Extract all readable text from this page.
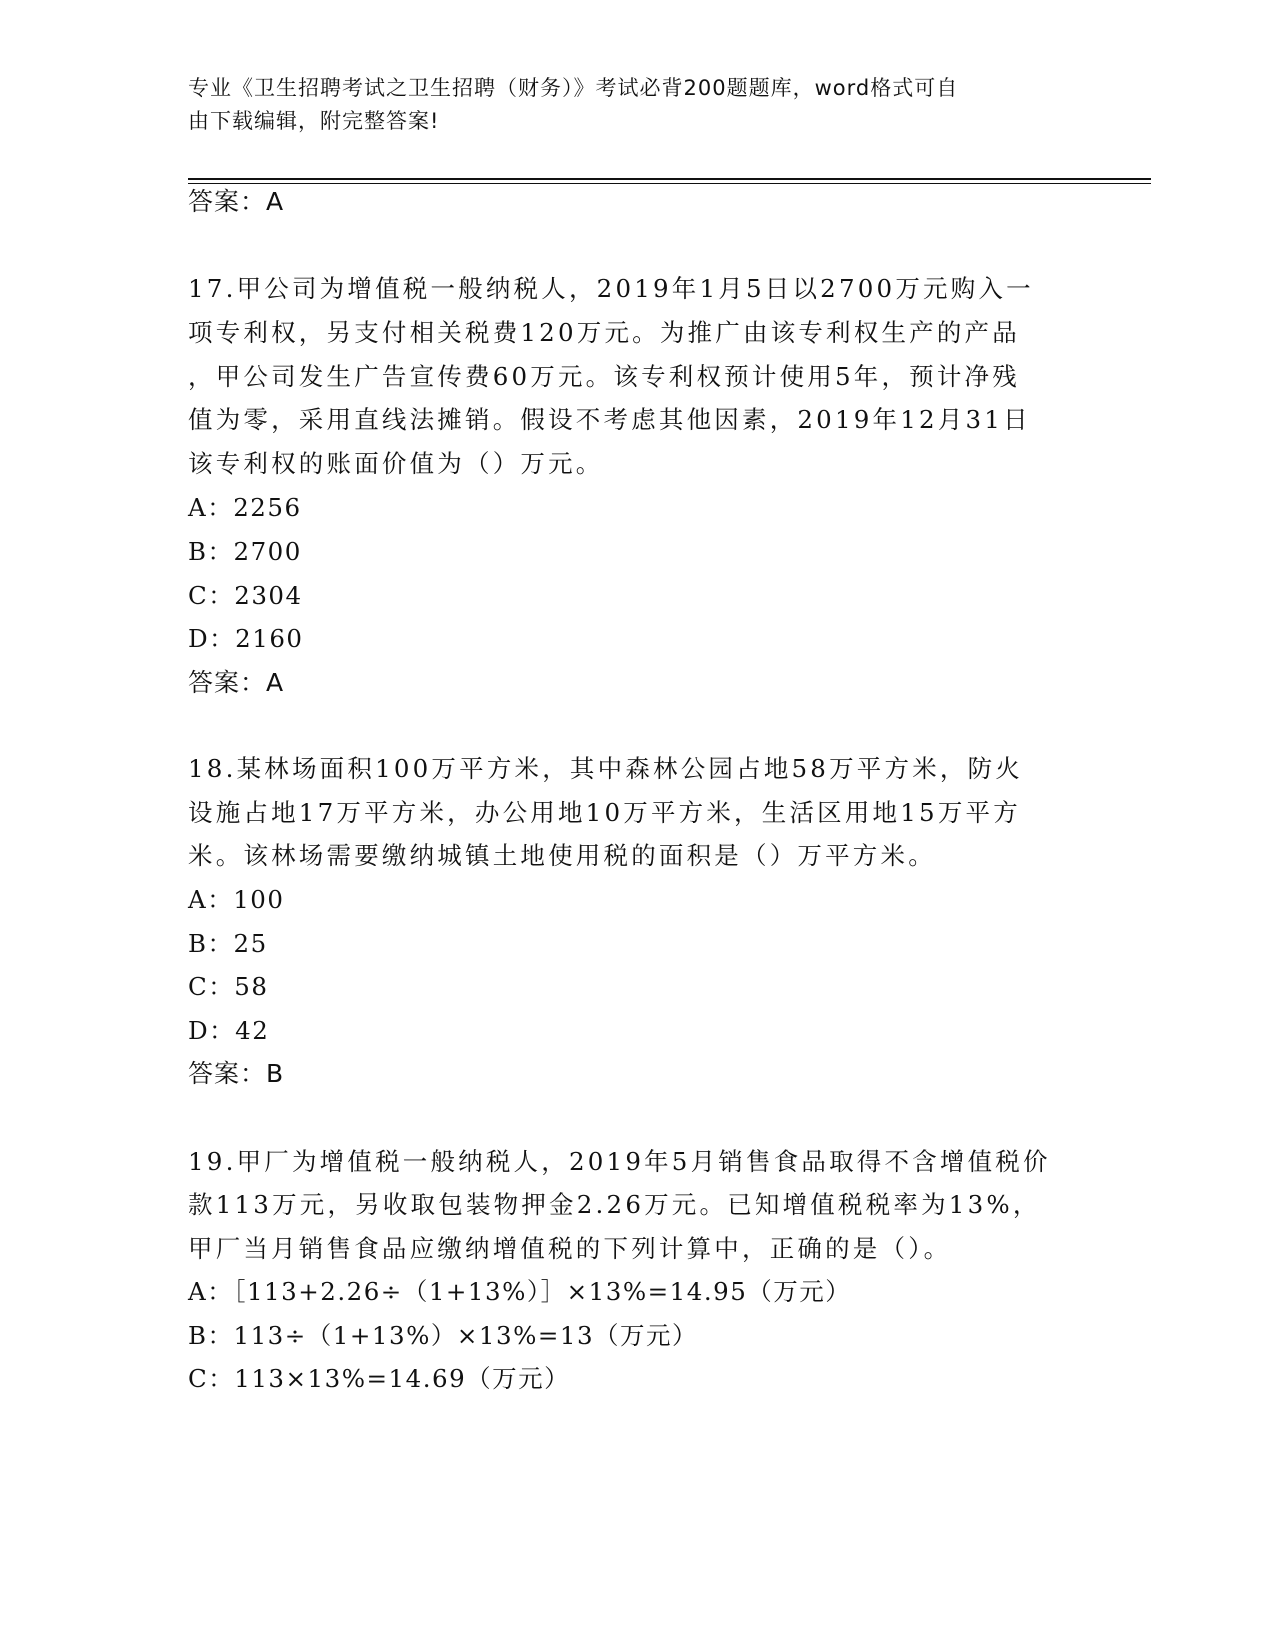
专业《卫生招聘考试之卫生招聘（财务）》考试必背200题题库，word格式可自
由下载编辑，附完整答案!
答案：A
17.甲公司为增值税一般纳税人，2019年1月5日以2700万元购入一
项专利权，另支付相关税费120万元。为推广由该专利权生产的产品
，甲公司发生广告宣传费60万元。该专利权预计使用5年，预计净残
值为零，采用直线法摊销。假设不考虑其他因素，2019年12月31日
该专利权的账面价值为（）万元。
A：2256
B：2700
C：2304
D：2160
答案：A
18.某林场面积100万平方米，其中森林公园占地58万平方米，防火
设施占地17万平方米，办公用地10万平方米，生活区用地15万平方
米。该林场需要缴纳城镇土地使用税的面积是（）万平方米。
A：100
B：25
C：58
D：42
答案：B
19.甲厂为增值税一般纳税人，2019年5月销售食品取得不含增值税价
款113万元，另收取包装物押金2.26万元。已知增值税税率为13%，
甲厂当月销售食品应缴纳增值税的下列计算中，正确的是（）。
A：［113+2.26÷（1+13%）］×13%=14.95（万元）
B：113÷（1+13%）×13%=13（万元）
C：113×13%=14.69（万元）
